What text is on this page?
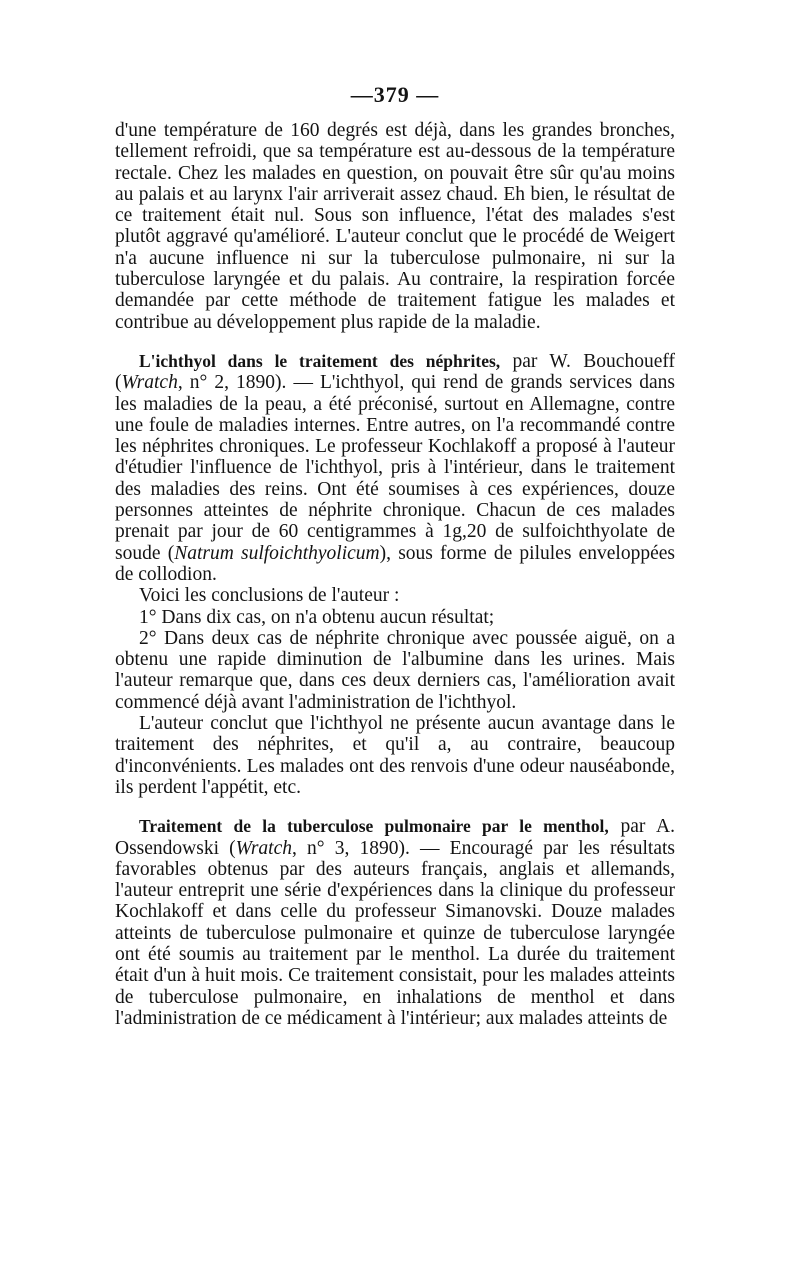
—379 —

d'une température de 160 degrés est déjà, dans les grandes bronches, tellement refroidi, que sa température est au-dessous de la température rectale. Chez les malades en question, on pouvait être sûr qu'au moins au palais et au larynx l'air arriverait assez chaud. Eh bien, le résultat de ce traitement était nul. Sous son influence, l'état des malades s'est plutôt aggravé qu'amélioré. L'auteur conclut que le procédé de Weigert n'a aucune influence ni sur la tuberculose pulmonaire, ni sur la tuberculose laryngée et du palais. Au contraire, la respiration forcée demandée par cette méthode de traitement fatigue les malades et contribue au développement plus rapide de la maladie.

L'ichthyol dans le traitement des néphrites, par W. Bouchoueff (Wratch, n° 2, 1890). — L'ichthyol, qui rend de grands services dans les maladies de la peau, a été préconisé, surtout en Allemagne, contre une foule de maladies internes. Entre autres, on l'a recommandé contre les néphrites chroniques. Le professeur Kochlakoff a proposé à l'auteur d'étudier l'influence de l'ichthyol, pris à l'intérieur, dans le traitement des maladies des reins. Ont été soumises à ces expériences, douze personnes atteintes de néphrite chronique. Chacun de ces malades prenait par jour de 60 centigrammes à 1g,20 de sulfoichthyolate de soude (Natrum sulfoichthyolicum), sous forme de pilules enveloppées de collodion.

Voici les conclusions de l'auteur :

1° Dans dix cas, on n'a obtenu aucun résultat;

2° Dans deux cas de néphrite chronique avec poussée aiguë, on a obtenu une rapide diminution de l'albumine dans les urines. Mais l'auteur remarque que, dans ces deux derniers cas, l'amélioration avait commencé déjà avant l'administration de l'ichthyol.

L'auteur conclut que l'ichthyol ne présente aucun avantage dans le traitement des néphrites, et qu'il a, au contraire, beaucoup d'inconvénients. Les malades ont des renvois d'une odeur nauséabonde, ils perdent l'appétit, etc.

Traitement de la tuberculose pulmonaire par le menthol, par A. Ossendowski (Wratch, n° 3, 1890). — Encouragé par les résultats favorables obtenus par des auteurs français, anglais et allemands, l'auteur entreprit une série d'expériences dans la clinique du professeur Kochlakoff et dans celle du professeur Simanovski. Douze malades atteints de tuberculose pulmonaire et quinze de tuberculose laryngée ont été soumis au traitement par le menthol. La durée du traitement était d'un à huit mois. Ce traitement consistait, pour les malades atteints de tuberculose pulmonaire, en inhalations de menthol et dans l'administration de ce médicament à l'intérieur; aux malades atteints de
